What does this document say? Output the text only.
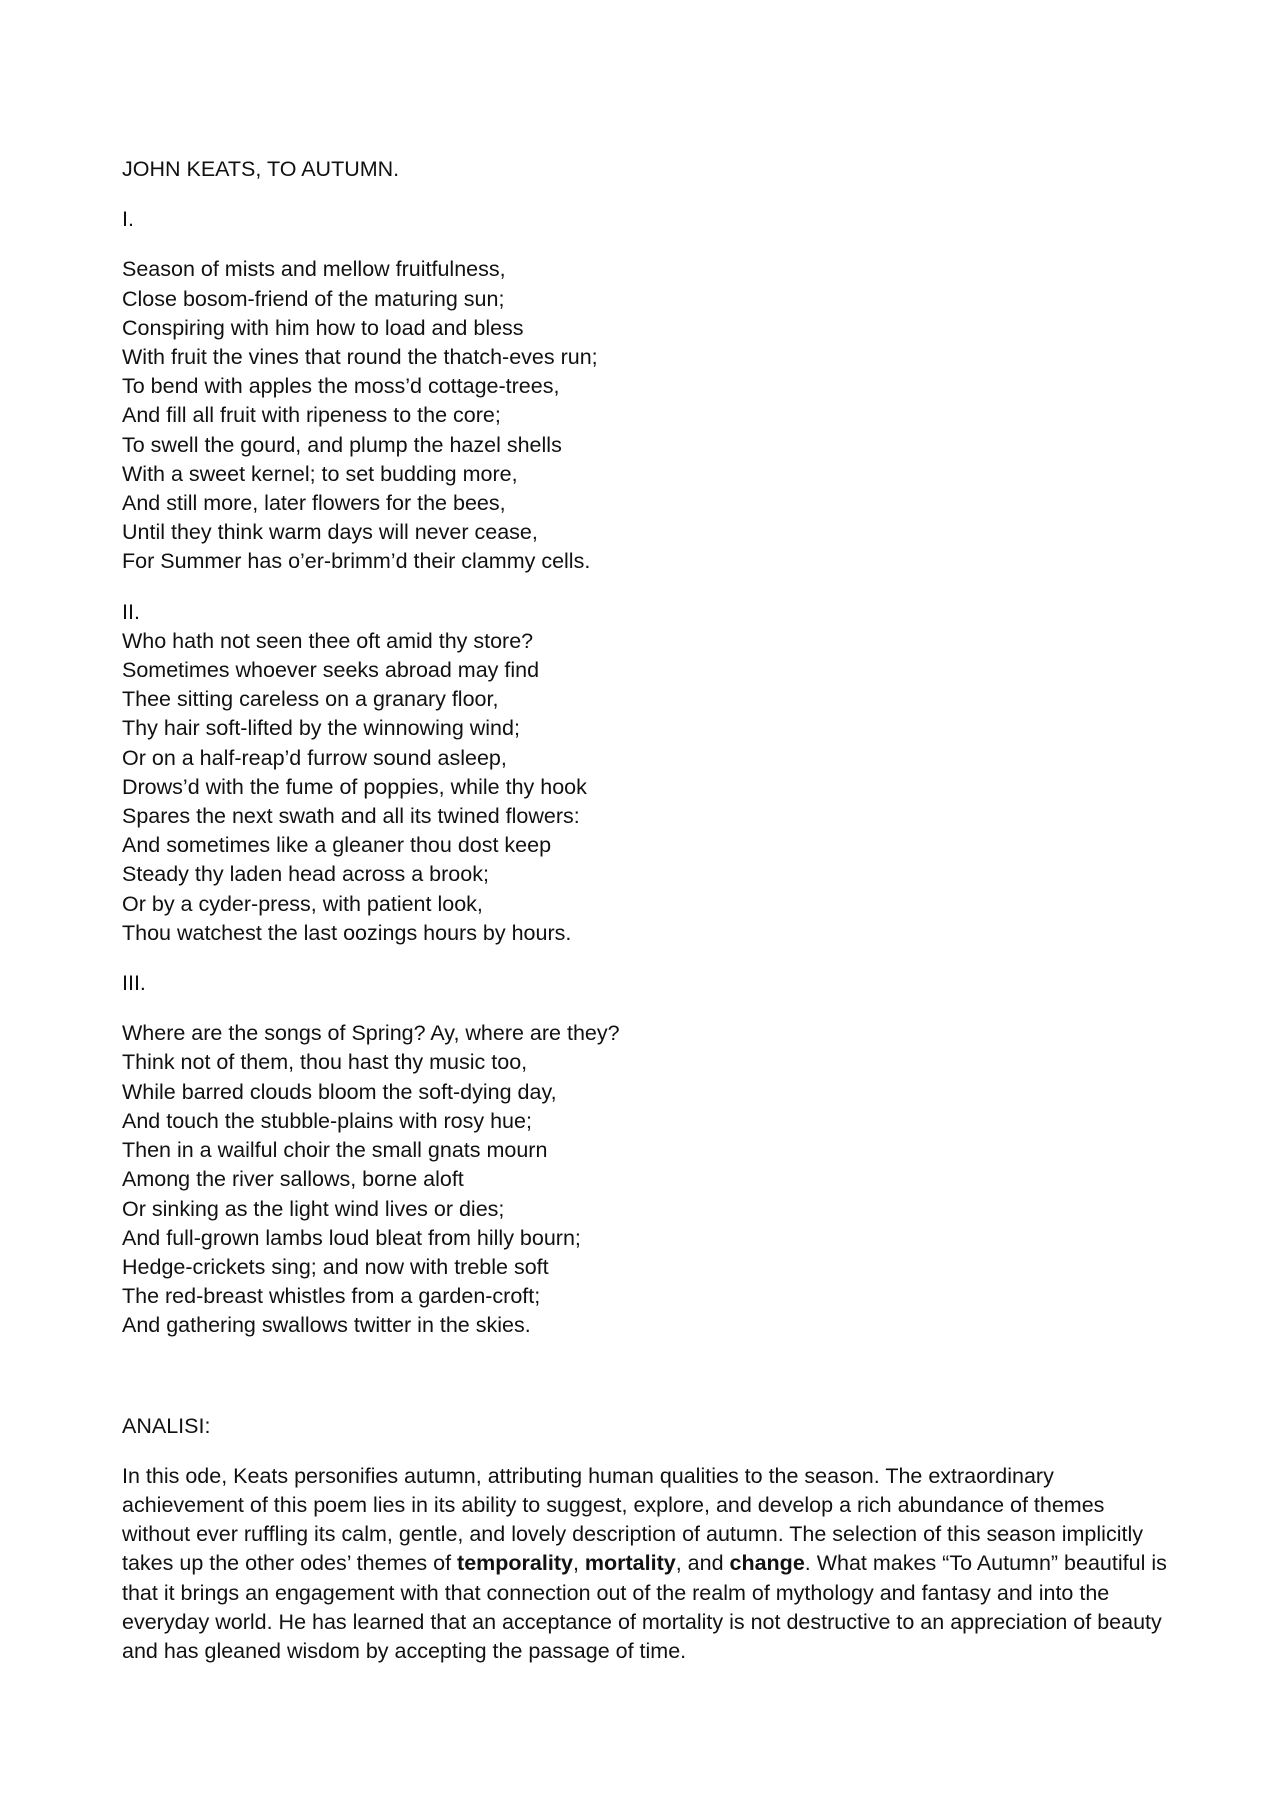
JOHN KEATS, TO AUTUMN.
I.
Season of mists and mellow fruitfulness,
Close bosom-friend of the maturing sun;
Conspiring with him how to load and bless
With fruit the vines that round the thatch-eves run;
To bend with apples the moss’d cottage-trees,
And fill all fruit with ripeness to the core;
To swell the gourd, and plump the hazel shells
With a sweet kernel; to set budding more,
And still more, later flowers for the bees,
Until they think warm days will never cease,
For Summer has o’er-brimm’d their clammy cells.
II.
Who hath not seen thee oft amid thy store?
Sometimes whoever seeks abroad may find
Thee sitting careless on a granary floor,
Thy hair soft-lifted by the winnowing wind;
Or on a half-reap’d furrow sound asleep,
Drows’d with the fume of poppies, while thy hook
Spares the next swath and all its twined flowers:
And sometimes like a gleaner thou dost keep
Steady thy laden head across a brook;
Or by a cyder-press, with patient look,
Thou watchest the last oozings hours by hours.
III.
Where are the songs of Spring? Ay, where are they?
Think not of them, thou hast thy music too,
While barred clouds bloom the soft-dying day,
And touch the stubble-plains with rosy hue;
Then in a wailful choir the small gnats mourn
Among the river sallows, borne aloft
Or sinking as the light wind lives or dies;
And full-grown lambs loud bleat from hilly bourn;
Hedge-crickets sing; and now with treble soft
The red-breast whistles from a garden-croft;
And gathering swallows twitter in the skies.
ANALISI:

In this ode, Keats personifies autumn, attributing human qualities to the season. The extraordinary achievement of this poem lies in its ability to suggest, explore, and develop a rich abundance of themes without ever ruffling its calm, gentle, and lovely description of autumn. The selection of this season implicitly takes up the other odes’ themes of temporality, mortality, and change. What makes “To Autumn” beautiful is that it brings an engagement with that connection out of the realm of mythology and fantasy and into the everyday world. He has learned that an acceptance of mortality is not destructive to an appreciation of beauty and has gleaned wisdom by accepting the passage of time.
